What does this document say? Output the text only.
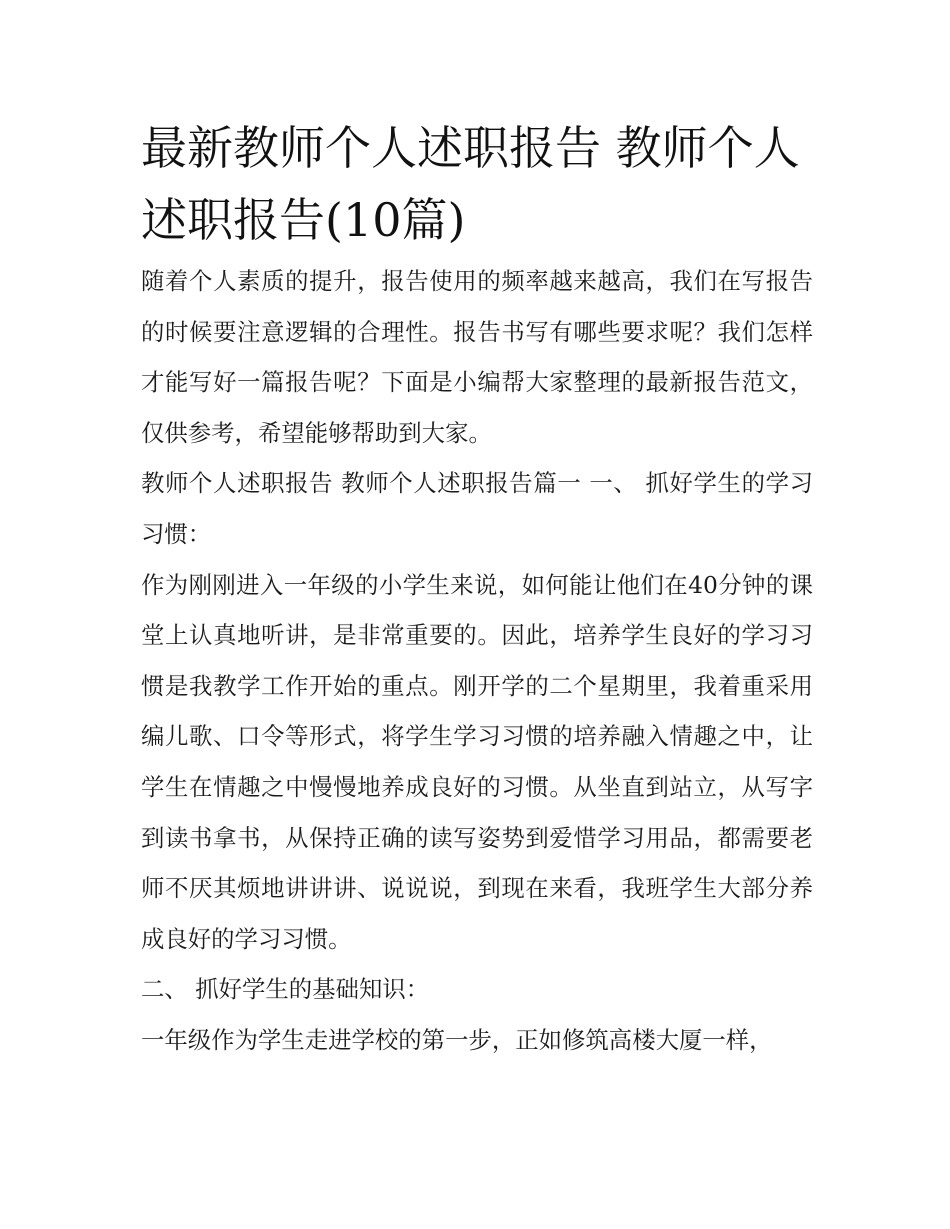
最新教师个人述职报告 教师个人述职报告(10篇)

随着个人素质的提升，报告使用的频率越来越高，我们在写报告的时候要注意逻辑的合理性。报告书写有哪些要求呢？我们怎样才能写好一篇报告呢？下面是小编帮大家整理的最新报告范文，仅供参考，希望能够帮助到大家。

教师个人述职报告 教师个人述职报告篇一 一、 抓好学生的学习习惯：

作为刚刚进入一年级的小学生来说，如何能让他们在40分钟的课堂上认真地听讲，是非常重要的。因此，培养学生良好的学习习惯是我教学工作开始的重点。刚开学的二个星期里，我着重采用编儿歌、口令等形式，将学生学习习惯的培养融入情趣之中，让学生在情趣之中慢慢地养成良好的习惯。从坐直到站立，从写字到读书拿书，从保持正确的读写姿势到爱惜学习用品，都需要老师不厌其烦地讲讲讲、说说说，到现在来看，我班学生大部分养成良好的学习习惯。

二、 抓好学生的基础知识：

一年级作为学生走进学校的第一步，正如修筑高楼大厦一样，
